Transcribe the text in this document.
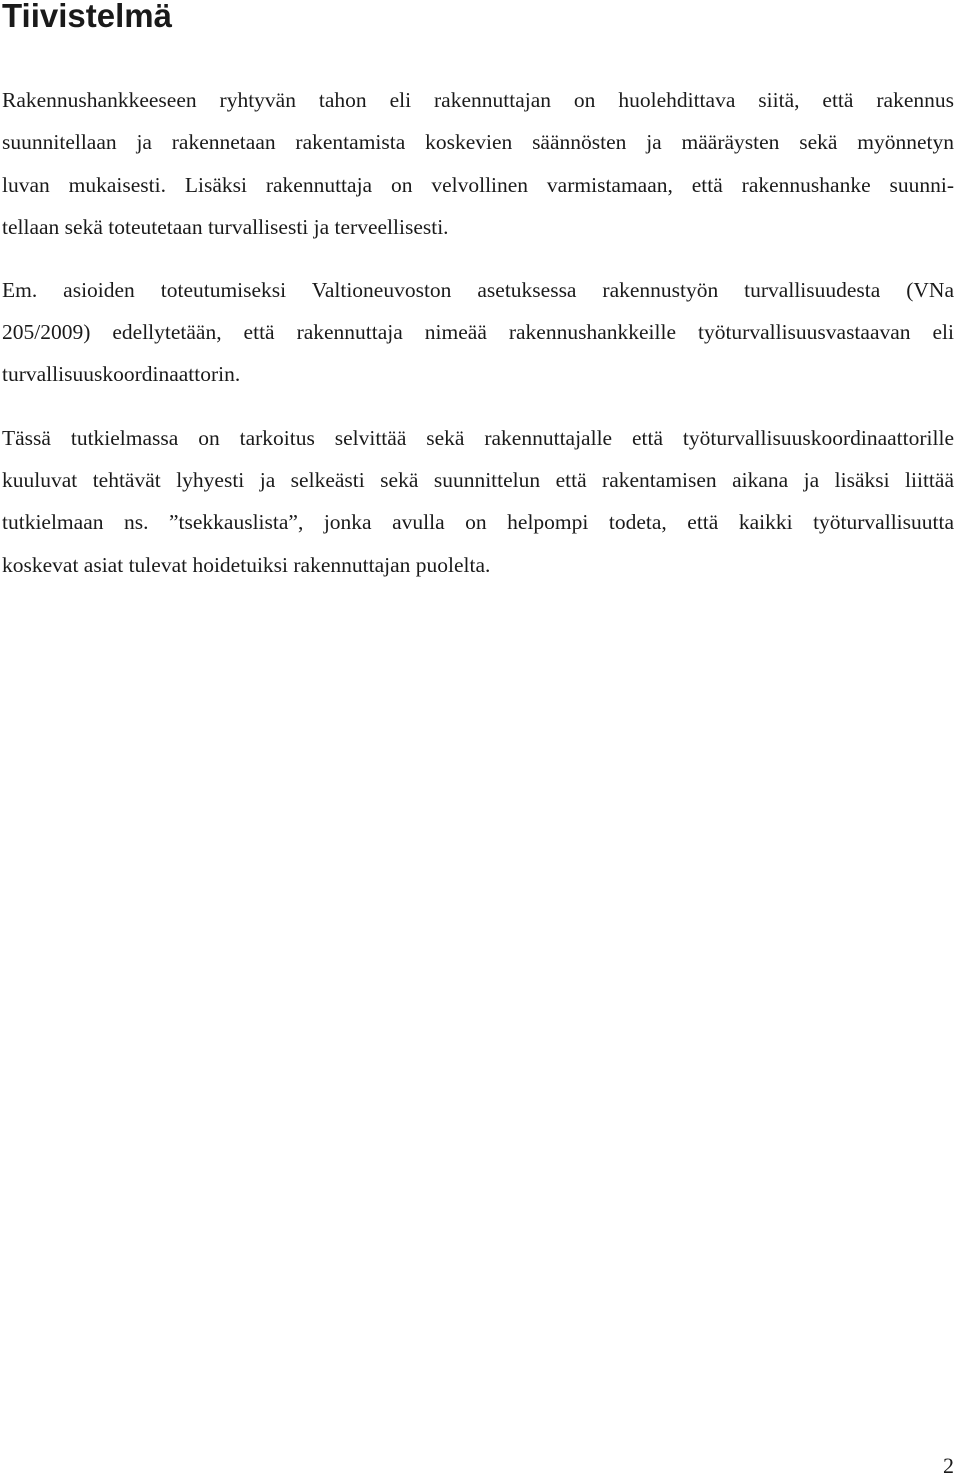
Tiivistelmä

Rakennushankkeeseen ryhtyvän tahon eli rakennuttajan on huolehdittava siitä, että rakennus

suunnitellaan ja rakennetaan rakentamista koskevien säännösten ja määräysten sekä myönnetyn

luvan mukaisesti. Lisäksi rakennuttaja on velvollinen varmistamaan, että rakennushanke suunni-

tellaan sekä toteutetaan turvallisesti ja terveellisesti.

Em. asioiden toteutumiseksi Valtioneuvoston asetuksessa rakennustyön turvallisuudesta (VNa

205/2009) edellytetään, että rakennuttaja nimeää rakennushankkeille työturvallisuusvastaavan eli

turvallisuuskoordinaattorin.

Tässä tutkielmassa on tarkoitus selvittää sekä rakennuttajalle että työturvallisuuskoordinaattorille

kuuluvat tehtävät lyhyesti ja selkeästi sekä suunnittelun että rakentamisen aikana ja lisäksi liittää

tutkielmaan ns. ”tsekkauslista”, jonka avulla on helpompi todeta, että kaikki työturvallisuutta

koskevat asiat tulevat hoidetuiksi rakennuttajan puolelta.

2
